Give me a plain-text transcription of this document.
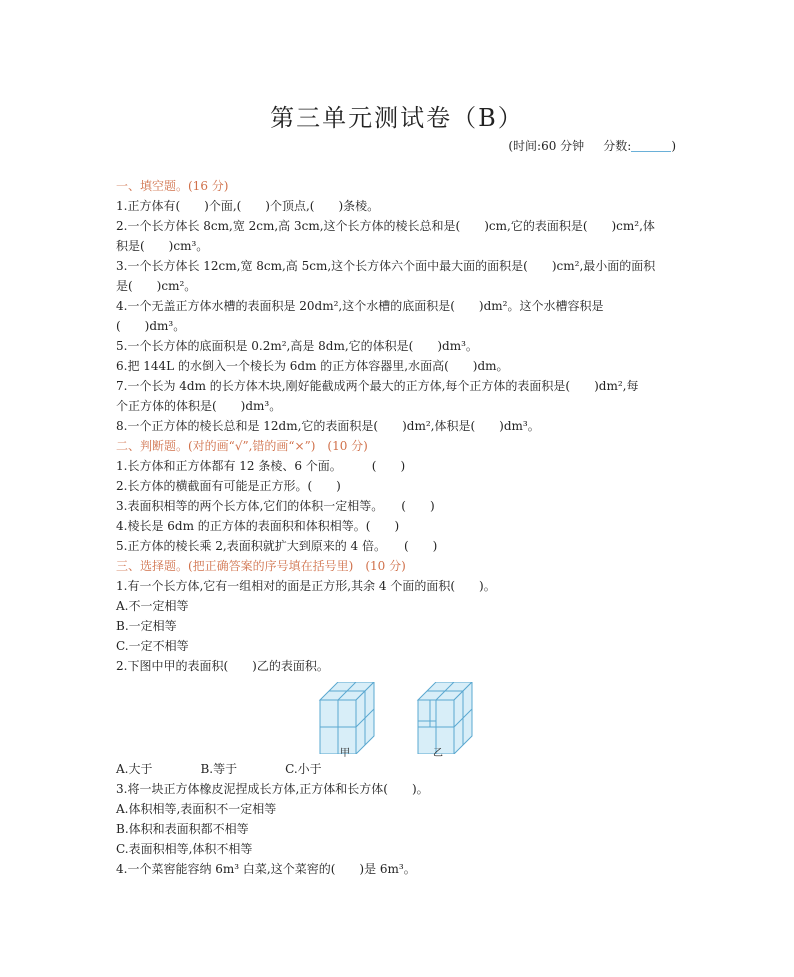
第三单元测试卷（B）
(时间:60 分钟 分数:	)
一、填空题。(16 分)
1.正方体有(　　)个面,(　　)个顶点,(　　)条棱。
2.一个长方体长 8cm,宽 2cm,高 3cm,这个长方体的棱长总和是(　　)cm,它的表面积是(　　)cm²,体
积是(　　)cm³。
3.一个长方体长 12cm,宽 8cm,高 5cm,这个长方体六个面中最大面的面积是(　　)cm²,最小面的面积
是(　　)cm²。
4.一个无盖正方体水槽的表面积是 20dm²,这个水槽的底面积是(　　)dm²。这个水槽容积是
(　　)dm³。
5.一个长方体的底面积是 0.2m²,高是 8dm,它的体积是(　　)dm³。
6.把 144L 的水倒入一个棱长为 6dm 的正方体容器里,水面高(　　)dm。
7.一个长为 4dm 的长方体木块,刚好能截成两个最大的正方体,每个正方体的表面积是(　　)dm²,每
个正方体的体积是(　　)dm³。
8.一个正方体的棱长总和是 12dm,它的表面积是(　　)dm²,体积是(　　)dm³。
二、判断题。(对的画“√”,错的画“×”)　(10 分)
1.长方体和正方体都有 12 条棱、6 个面。　　　(　　)
2.长方体的横截面有可能是正方形。(　　)
3.表面积相等的两个长方体,它们的体积一定相等。　　(　　)
4.棱长是 6dm 的正方体的表面积和体积相等。(　　)
5.正方体的棱长乘 2,表面积就扩大到原来的 4 倍。　　(　　)
三、选择题。(把正确答案的序号填在括号里)　(10 分)
1.有一个长方体,它有一组相对的面是正方形,其余 4 个面的面积(　　)。
A.不一定相等
B.一定相等
C.一定不相等
2.下图中甲的表面积(　　)乙的表面积。
A.大于　　　　B.等于　　　　C.小于
3.将一块正方体橡皮泥捏成长方体,正方体和长方体(　　)。
A.体积相等,表面积不一定相等
B.体积和表面积都不相等
C.表面积相等,体积不相等
4.一个菜窖能容纳 6m³ 白菜,这个菜窖的(　　)是 6m³。
甲	乙
